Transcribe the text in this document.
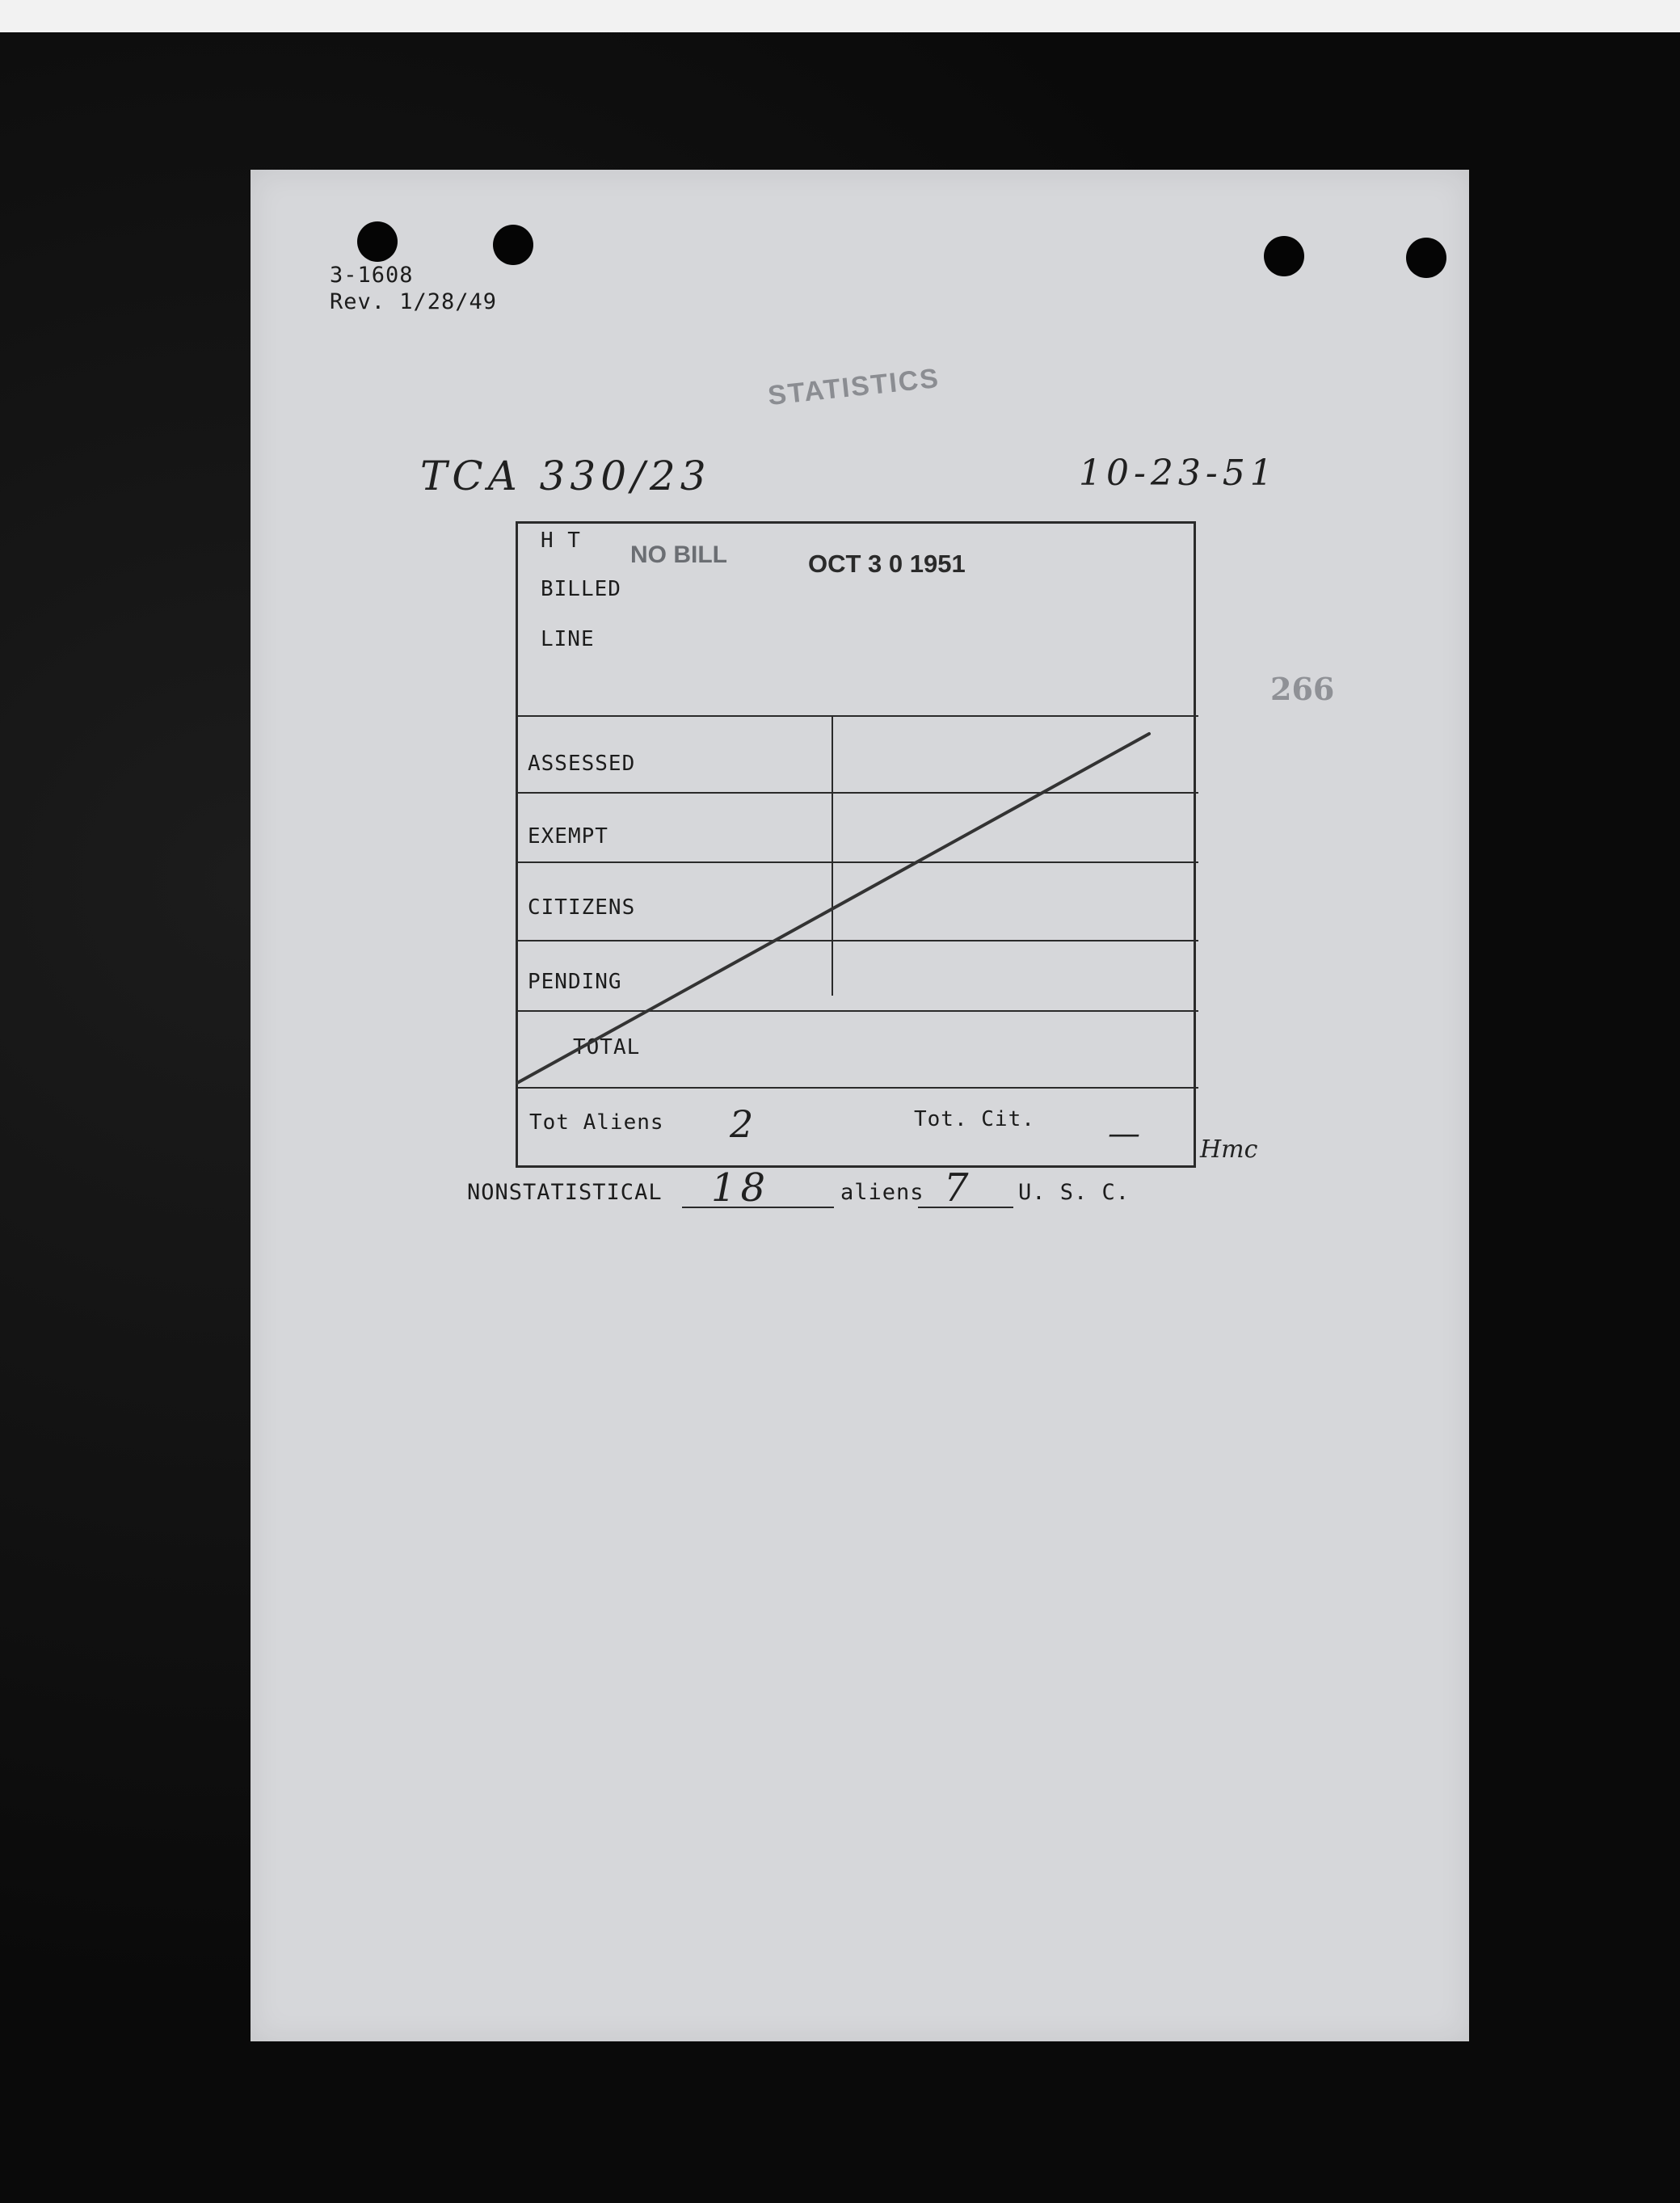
3-1608
Rev. 1/28/49
STATISTICS
TCA 330/23	10-23-51
NO BILL	OCT 3 0 1951
266
H T
BILLED
LINE
ASSESSED
EXEMPT
CITIZENS
PENDING
TOTAL
Tot Aliens 2	Tot. Cit. — Hmc
NONSTATISTICAL 18	aliens 7 U. S. C.
